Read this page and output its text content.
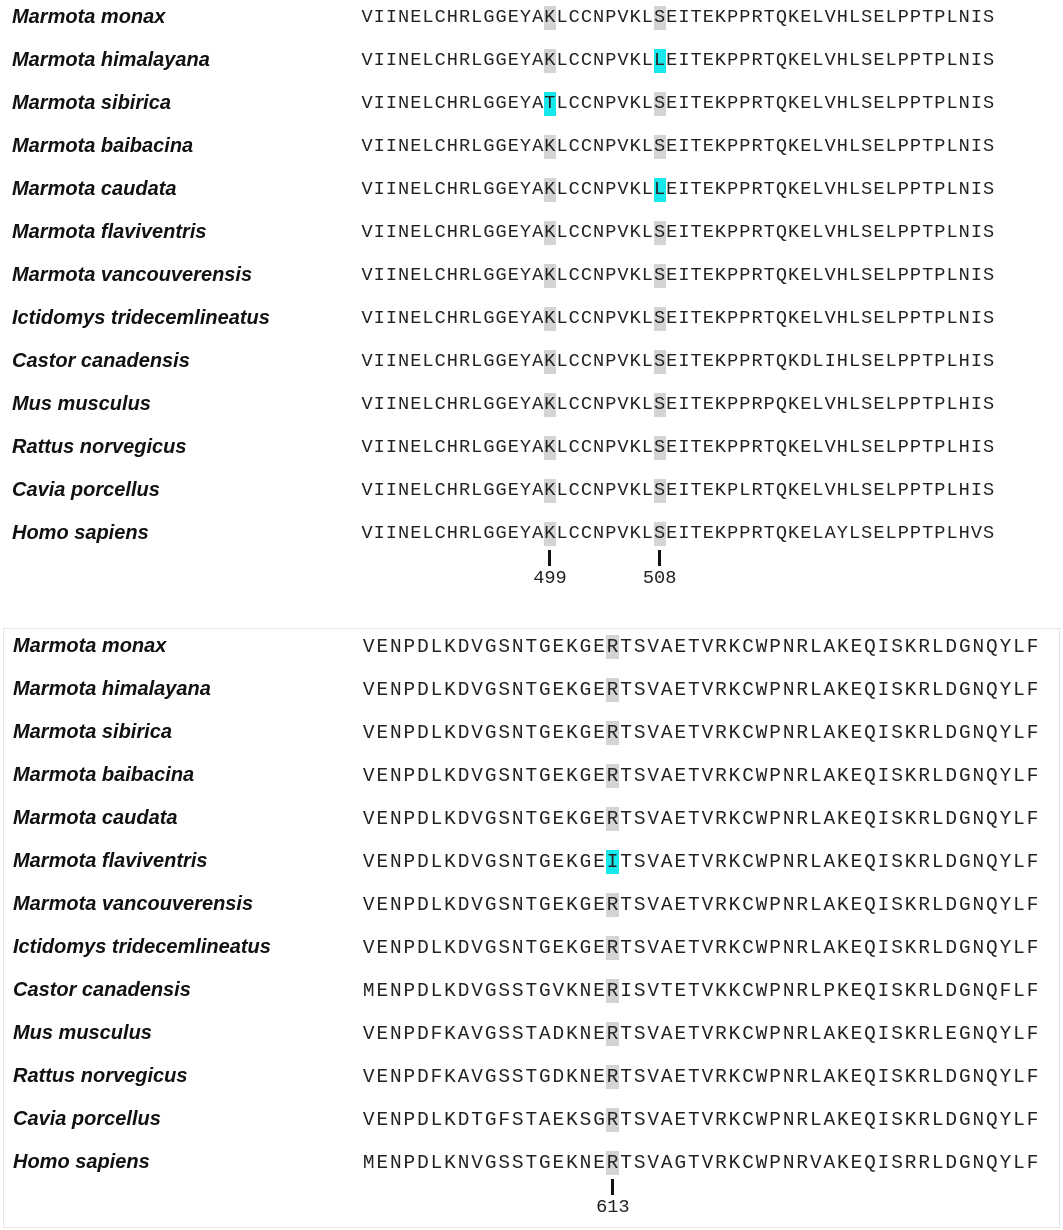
Marmota monax	VIINELCHRLGGEYAKLCCNPVKLSEITEKPPRTQKELVHLSELPPTPLNIS
Marmota himalayana	VIINELCHRLGGEYAKLCCNPVKLLEITEKPPRTQKELVHLSELPPTPLNIS
Marmota sibirica	VIINELCHRLGGEYATLCCNPVKLSEITEKPPRTQKELVHLSELPPTPLNIS
Marmota baibacina	VIINELCHRLGGEYAKLCCNPVKLSEITEKPPRTQKELVHLSELPPTPLNIS
Marmota caudata	VIINELCHRLGGEYAKLCCNPVKLLEITEKPPRTQKELVHLSELPPTPLNIS
Marmota flaviventris	VIINELCHRLGGEYAKLCCNPVKLSEITEKPPRTQKELVHLSELPPTPLNIS
Marmota vancouverensis	VIINELCHRLGGEYAKLCCNPVKLSEITEKPPRTQKELVHLSELPPTPLNIS
Ictidomys tridecemlineatus	VIINELCHRLGGEYAKLCCNPVKLSEITEKPPRTQKELVHLSELPPTPLNIS
Castor canadensis	VIINELCHRLGGEYAKLCCNPVKLSEITEKPPRTQKDLIHLSELPPTPLHIS
Mus musculus	VIINELCHRLGGEYAKLCCNPVKLSEITEKPPRPQKELVHLSELPPTPLHIS
Rattus norvegicus	VIINELCHRLGGEYAKLCCNPVKLSEITEKPPRTQKELVHLSELPPTPLHIS
Cavia porcellus	VIINELCHRLGGEYAKLCCNPVKLSEITEKPLRTQKELVHLSELPPTPLHIS
Homo sapiens	VIINELCHRLGGEYAKLCCNPVKLSEITEKPPRTQKELAYLSELPPTPLHVS
499	508
Marmota monax	VENPDLKDVGSNTGEKGERTSVAETVRKCWPNRLAKEQISKRLDGNQYLF
Marmota himalayana	VENPDLKDVGSNTGEKGERTSVAETVRKCWPNRLAKEQISKRLDGNQYLF
Marmota sibirica	VENPDLKDVGSNTGEKGERTSVAETVRKCWPNRLAKEQISKRLDGNQYLF
Marmota baibacina	VENPDLKDVGSNTGEKGERTSVAETVRKCWPNRLAKEQISKRLDGNQYLF
Marmota caudata	VENPDLKDVGSNTGEKGERTSVAETVRKCWPNRLAKEQISKRLDGNQYLF
Marmota flaviventris	VENPDLKDVGSNTGEKGEITSVAETVRKCWPNRLAKEQISKRLDGNQYLF
Marmota vancouverensis	VENPDLKDVGSNTGEKGERTSVAETVRKCWPNRLAKEQISKRLDGNQYLF
Ictidomys tridecemlineatus	VENPDLKDVGSNTGEKGERTSVAETVRKCWPNRLAKEQISKRLDGNQYLF
Castor canadensis	MENPDLKDVGSSTGVKNERISVTETVKKCWPNRLPKEQISKRLDGNQFLF
Mus musculus	VENPDFKAVGSSTADKNERTSVAETVRKCWPNRLAKEQISKRLEGNQYLF
Rattus norvegicus	VENPDFKAVGSSTGDKNERTSVAETVRKCWPNRLAKEQISKRLDGNQYLF
Cavia porcellus	VENPDLKDTGFSTAEKSGRTSVAETVRKCWPNRLAKEQISKRLDGNQYLF
Homo sapiens	MENPDLKNVGSSTGEKNERTSVAGTVRKCWPNRVAKEQISRRLDGNQYLF
613
